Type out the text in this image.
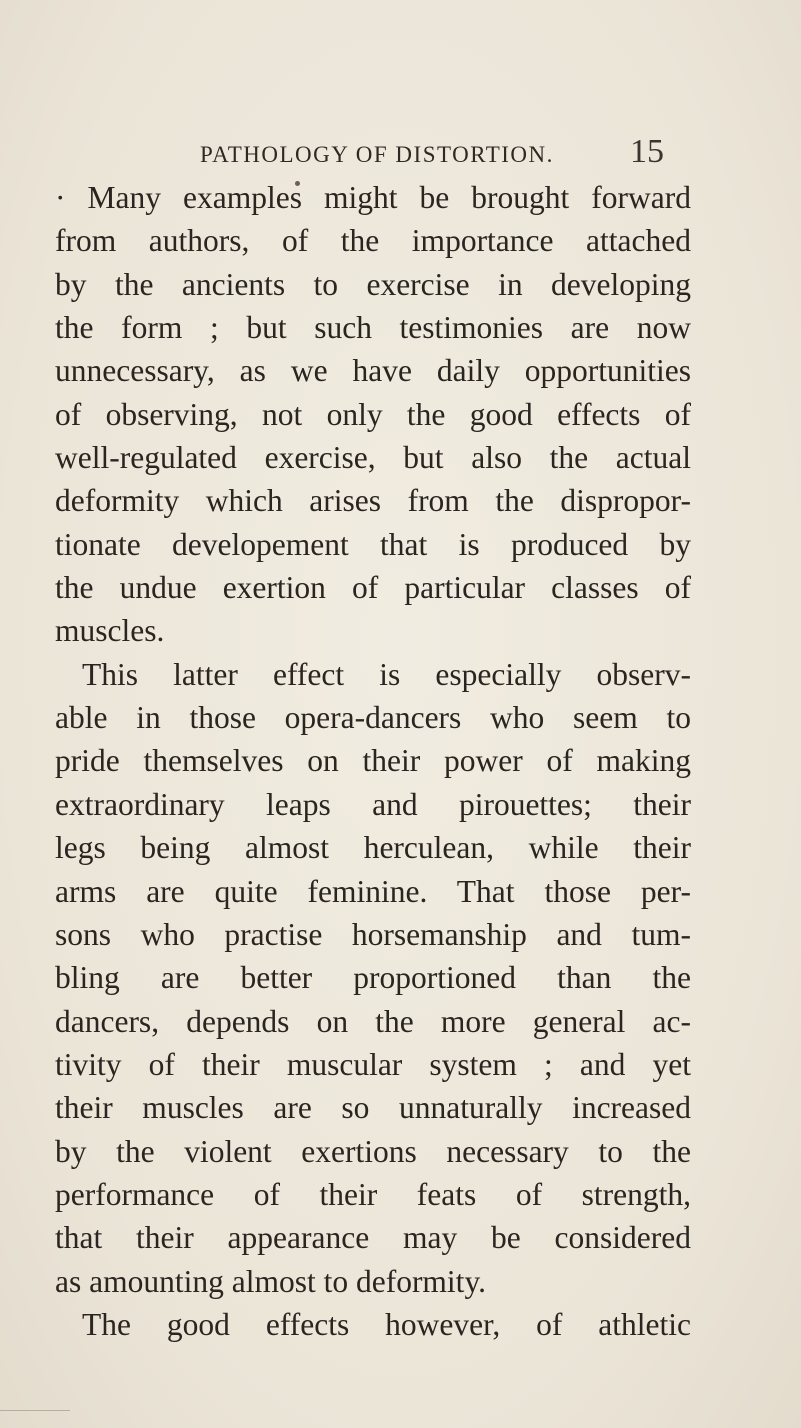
PATHOLOGY OF DISTORTION. 15
· Many examples might be brought forward
from authors, of the importance attached
by the ancients to exercise in developing
the form ; but such testimonies are now
unnecessary, as we have daily opportunities
of observing, not only the good effects of
well-regulated exercise, but also the actual
deformity which arises from the dispropor-
tionate developement that is produced by
the undue exertion of particular classes of
muscles.
This latter effect is especially observ-
able in those opera-dancers who seem to
pride themselves on their power of making
extraordinary leaps and pirouettes; their
legs being almost herculean, while their
arms are quite feminine. That those per-
sons who practise horsemanship and tum-
bling are better proportioned than the
dancers, depends on the more general ac-
tivity of their muscular system ; and yet
their muscles are so unnaturally increased
by the violent exertions necessary to the
performance of their feats of strength,
that their appearance may be considered
as amounting almost to deformity.
The good effects however, of athletic
